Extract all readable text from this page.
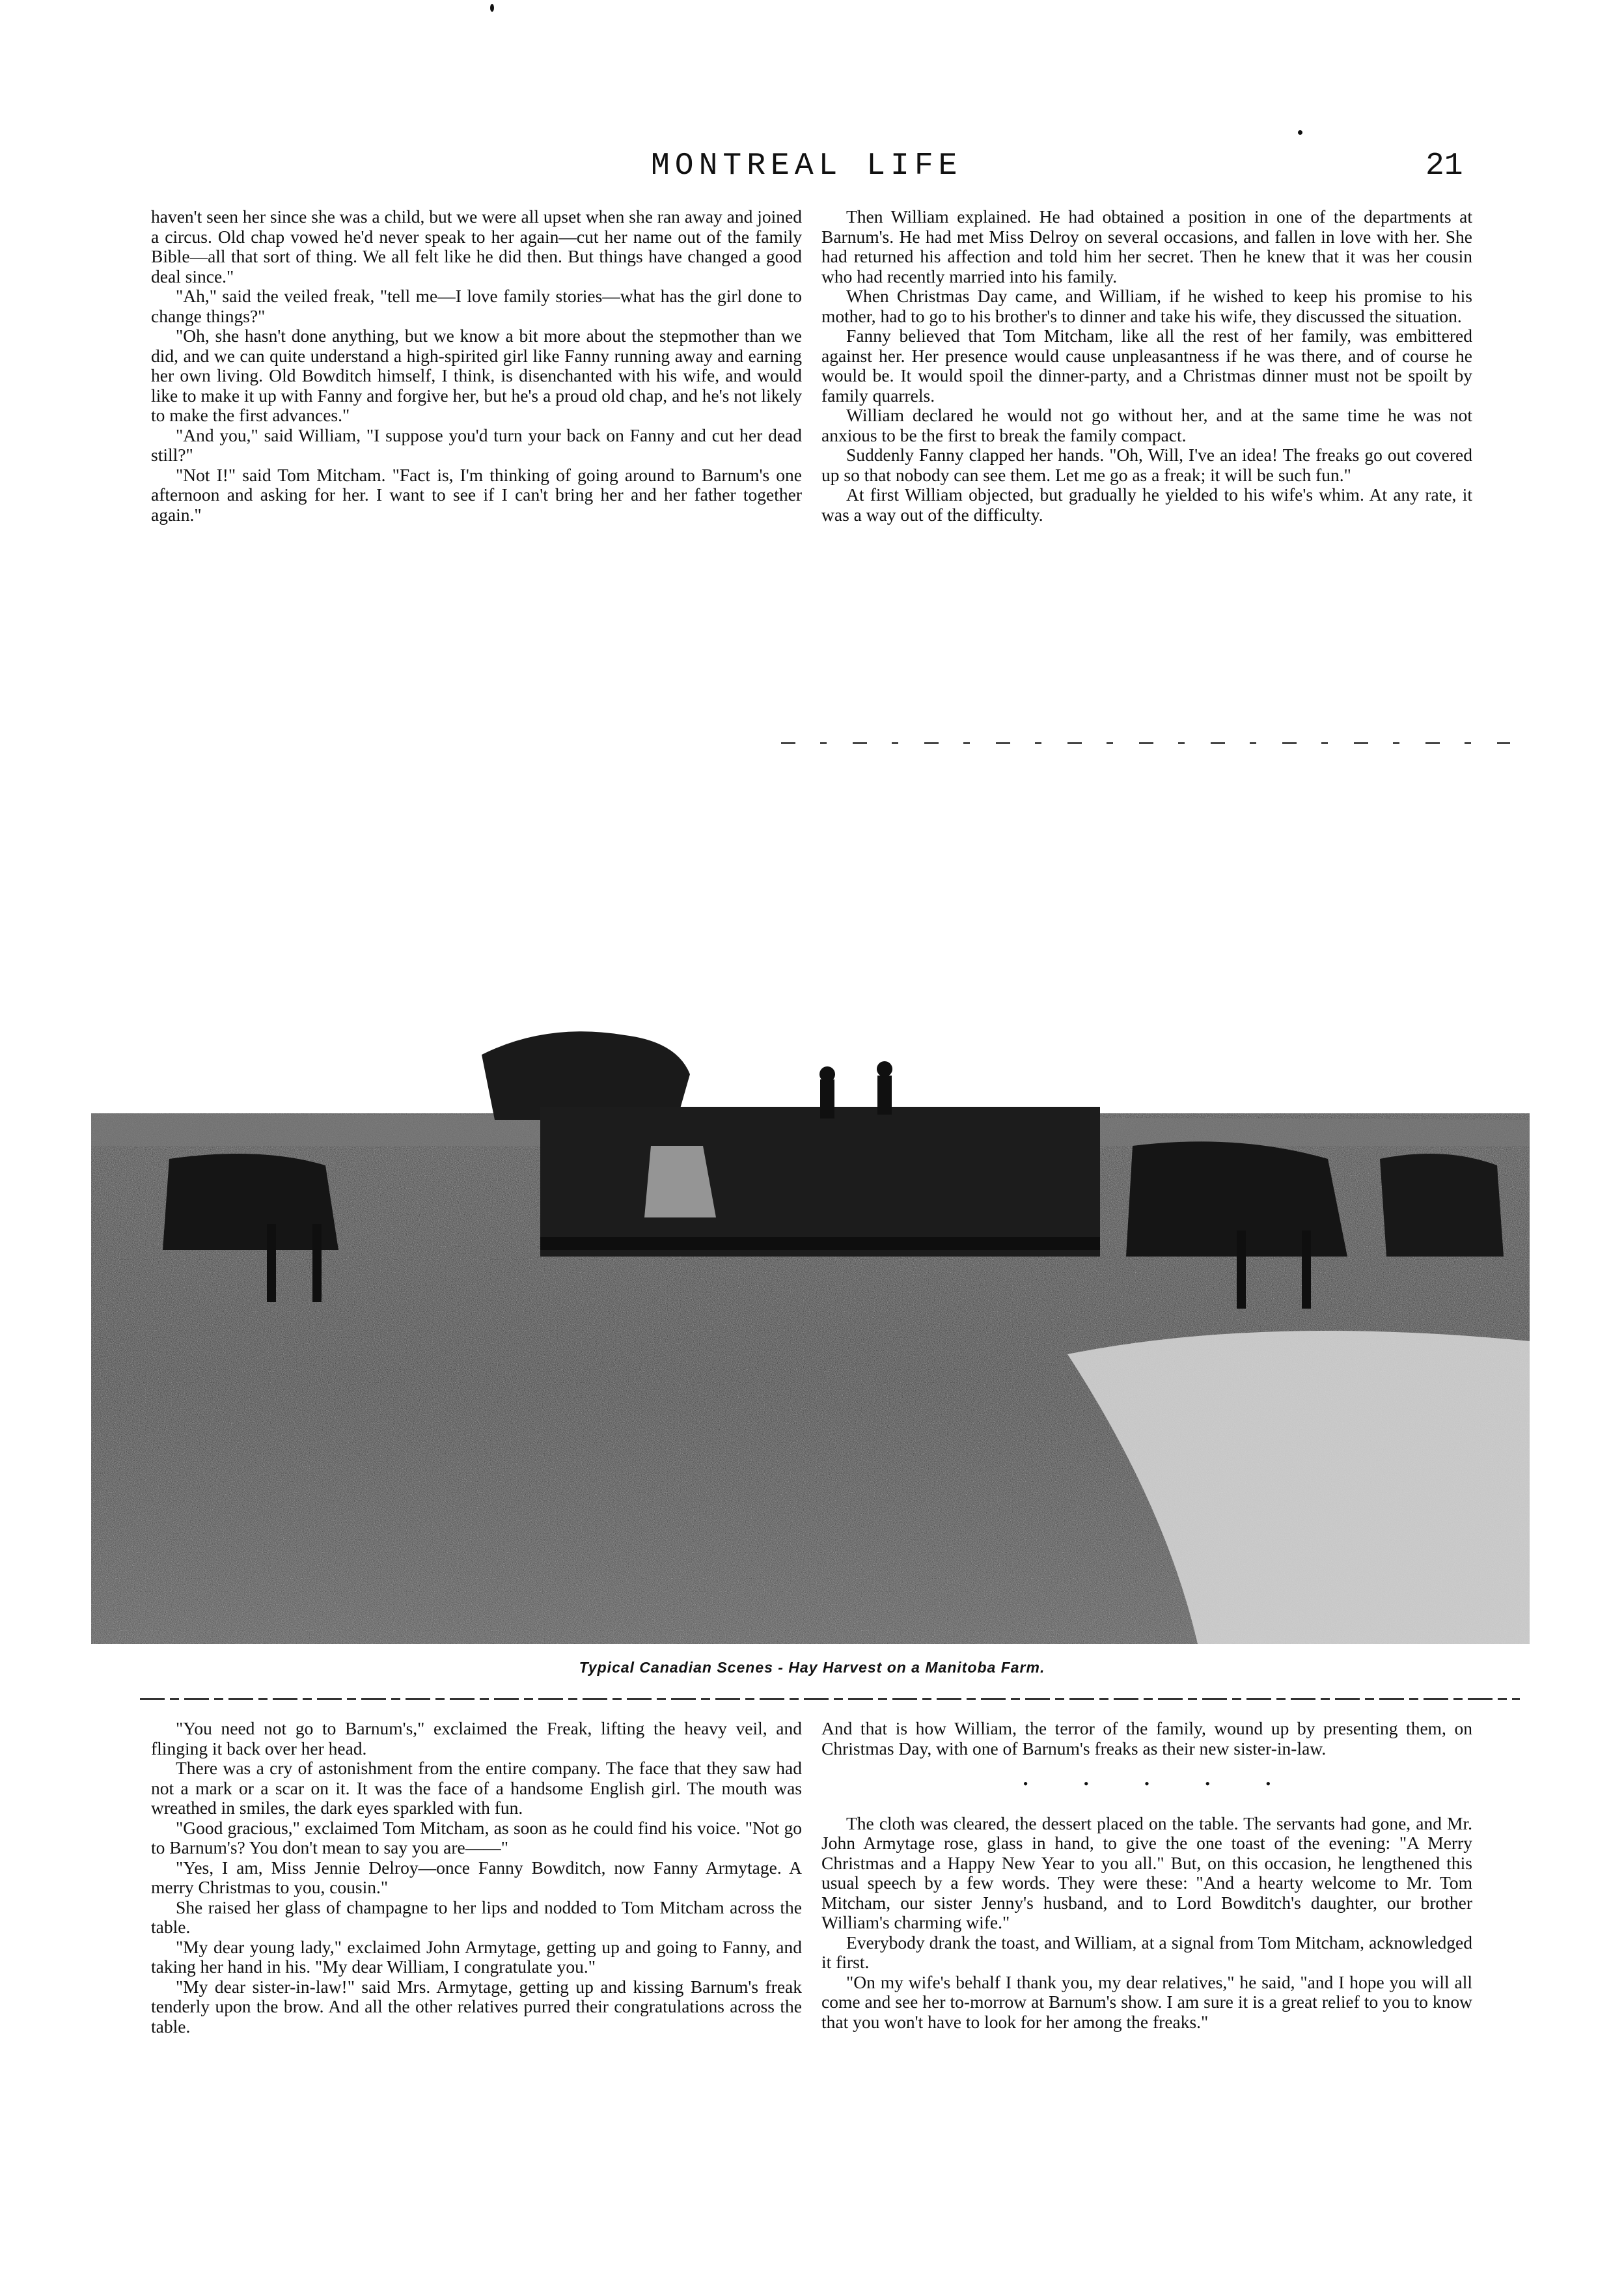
MONTREAL LIFE	21

haven't seen her since she was a child, but we were all upset when she ran away and joined a circus. Old chap vowed he'd never speak to her again—cut her name out of the family Bible—all that sort of thing. We all felt like he did then. But things have changed a good deal since."

"Ah," said the veiled freak, "tell me—I love family stories—what has the girl done to change things?"

"Oh, she hasn't done anything, but we know a bit more about the stepmother than we did, and we can quite understand a high-spirited girl like Fanny running away and earning her own living. Old Bowditch himself, I think, is disenchanted with his wife, and would like to make it up with Fanny and forgive her, but he's a proud old chap, and he's not likely to make the first advances."

"And you," said William, "I suppose you'd turn your back on Fanny and cut her dead still?"

"Not I!" said Tom Mitcham. "Fact is, I'm thinking of going around to Barnum's one afternoon and asking for her. I want to see if I can't bring her and her father together again."

Then William explained. He had obtained a position in one of the departments at Barnum's. He had met Miss Delroy on several occasions, and fallen in love with her. She had returned his affection and told him her secret. Then he knew that it was her cousin who had recently married into his family.

When Christmas Day came, and William, if he wished to keep his promise to his mother, had to go to his brother's to dinner and take his wife, they discussed the situation.

Fanny believed that Tom Mitcham, like all the rest of her family, was embittered against her. Her presence would cause unpleasantness if he was there, and of course he would be. It would spoil the dinner-party, and a Christmas dinner must not be spoilt by family quarrels.

William declared he would not go without her, and at the same time he was not anxious to be the first to break the family compact.

Suddenly Fanny clapped her hands. "Oh, Will, I've an idea! The freaks go out covered up so that nobody can see them. Let me go as a freak; it will be such fun."

At first William objected, but gradually he yielded to his wife's whim. At any rate, it was a way out of the difficulty.

Typical Canadian Scenes - Hay Harvest on a Manitoba Farm.

"You need not go to Barnum's," exclaimed the Freak, lifting the heavy veil, and flinging it back over her head.

There was a cry of astonishment from the entire company. The face that they saw had not a mark or a scar on it. It was the face of a handsome English girl. The mouth was wreathed in smiles, the dark eyes sparkled with fun.

"Good gracious," exclaimed Tom Mitcham, as soon as he could find his voice. "Not go to Barnum's? You don't mean to say you are——"

"Yes, I am, Miss Jennie Delroy—once Fanny Bowditch, now Fanny Armytage. A merry Christmas to you, cousin."

She raised her glass of champagne to her lips and nodded to Tom Mitcham across the table.

"My dear young lady," exclaimed John Armytage, getting up and going to Fanny, and taking her hand in his. "My dear William, I congratulate you."

"My dear sister-in-law!" said Mrs. Armytage, getting up and kissing Barnum's freak tenderly upon the brow. And all the other relatives purred their congratulations across the table.

And that is how William, the terror of the family, wound up by presenting them, on Christmas Day, with one of Barnum's freaks as their new sister-in-law.

• • • • •

The cloth was cleared, the dessert placed on the table. The servants had gone, and Mr. John Armytage rose, glass in hand, to give the one toast of the evening: "A Merry Christmas and a Happy New Year to you all." But, on this occasion, he lengthened this usual speech by a few words. They were these: "And a hearty welcome to Mr. Tom Mitcham, our sister Jenny's husband, and to Lord Bowditch's daughter, our brother William's charming wife."

Everybody drank the toast, and William, at a signal from Tom Mitcham, acknowledged it first.

"On my wife's behalf I thank you, my dear relatives," he said, "and I hope you will all come and see her to-morrow at Barnum's show. I am sure it is a great relief to you to know that you won't have to look for her among the freaks."
